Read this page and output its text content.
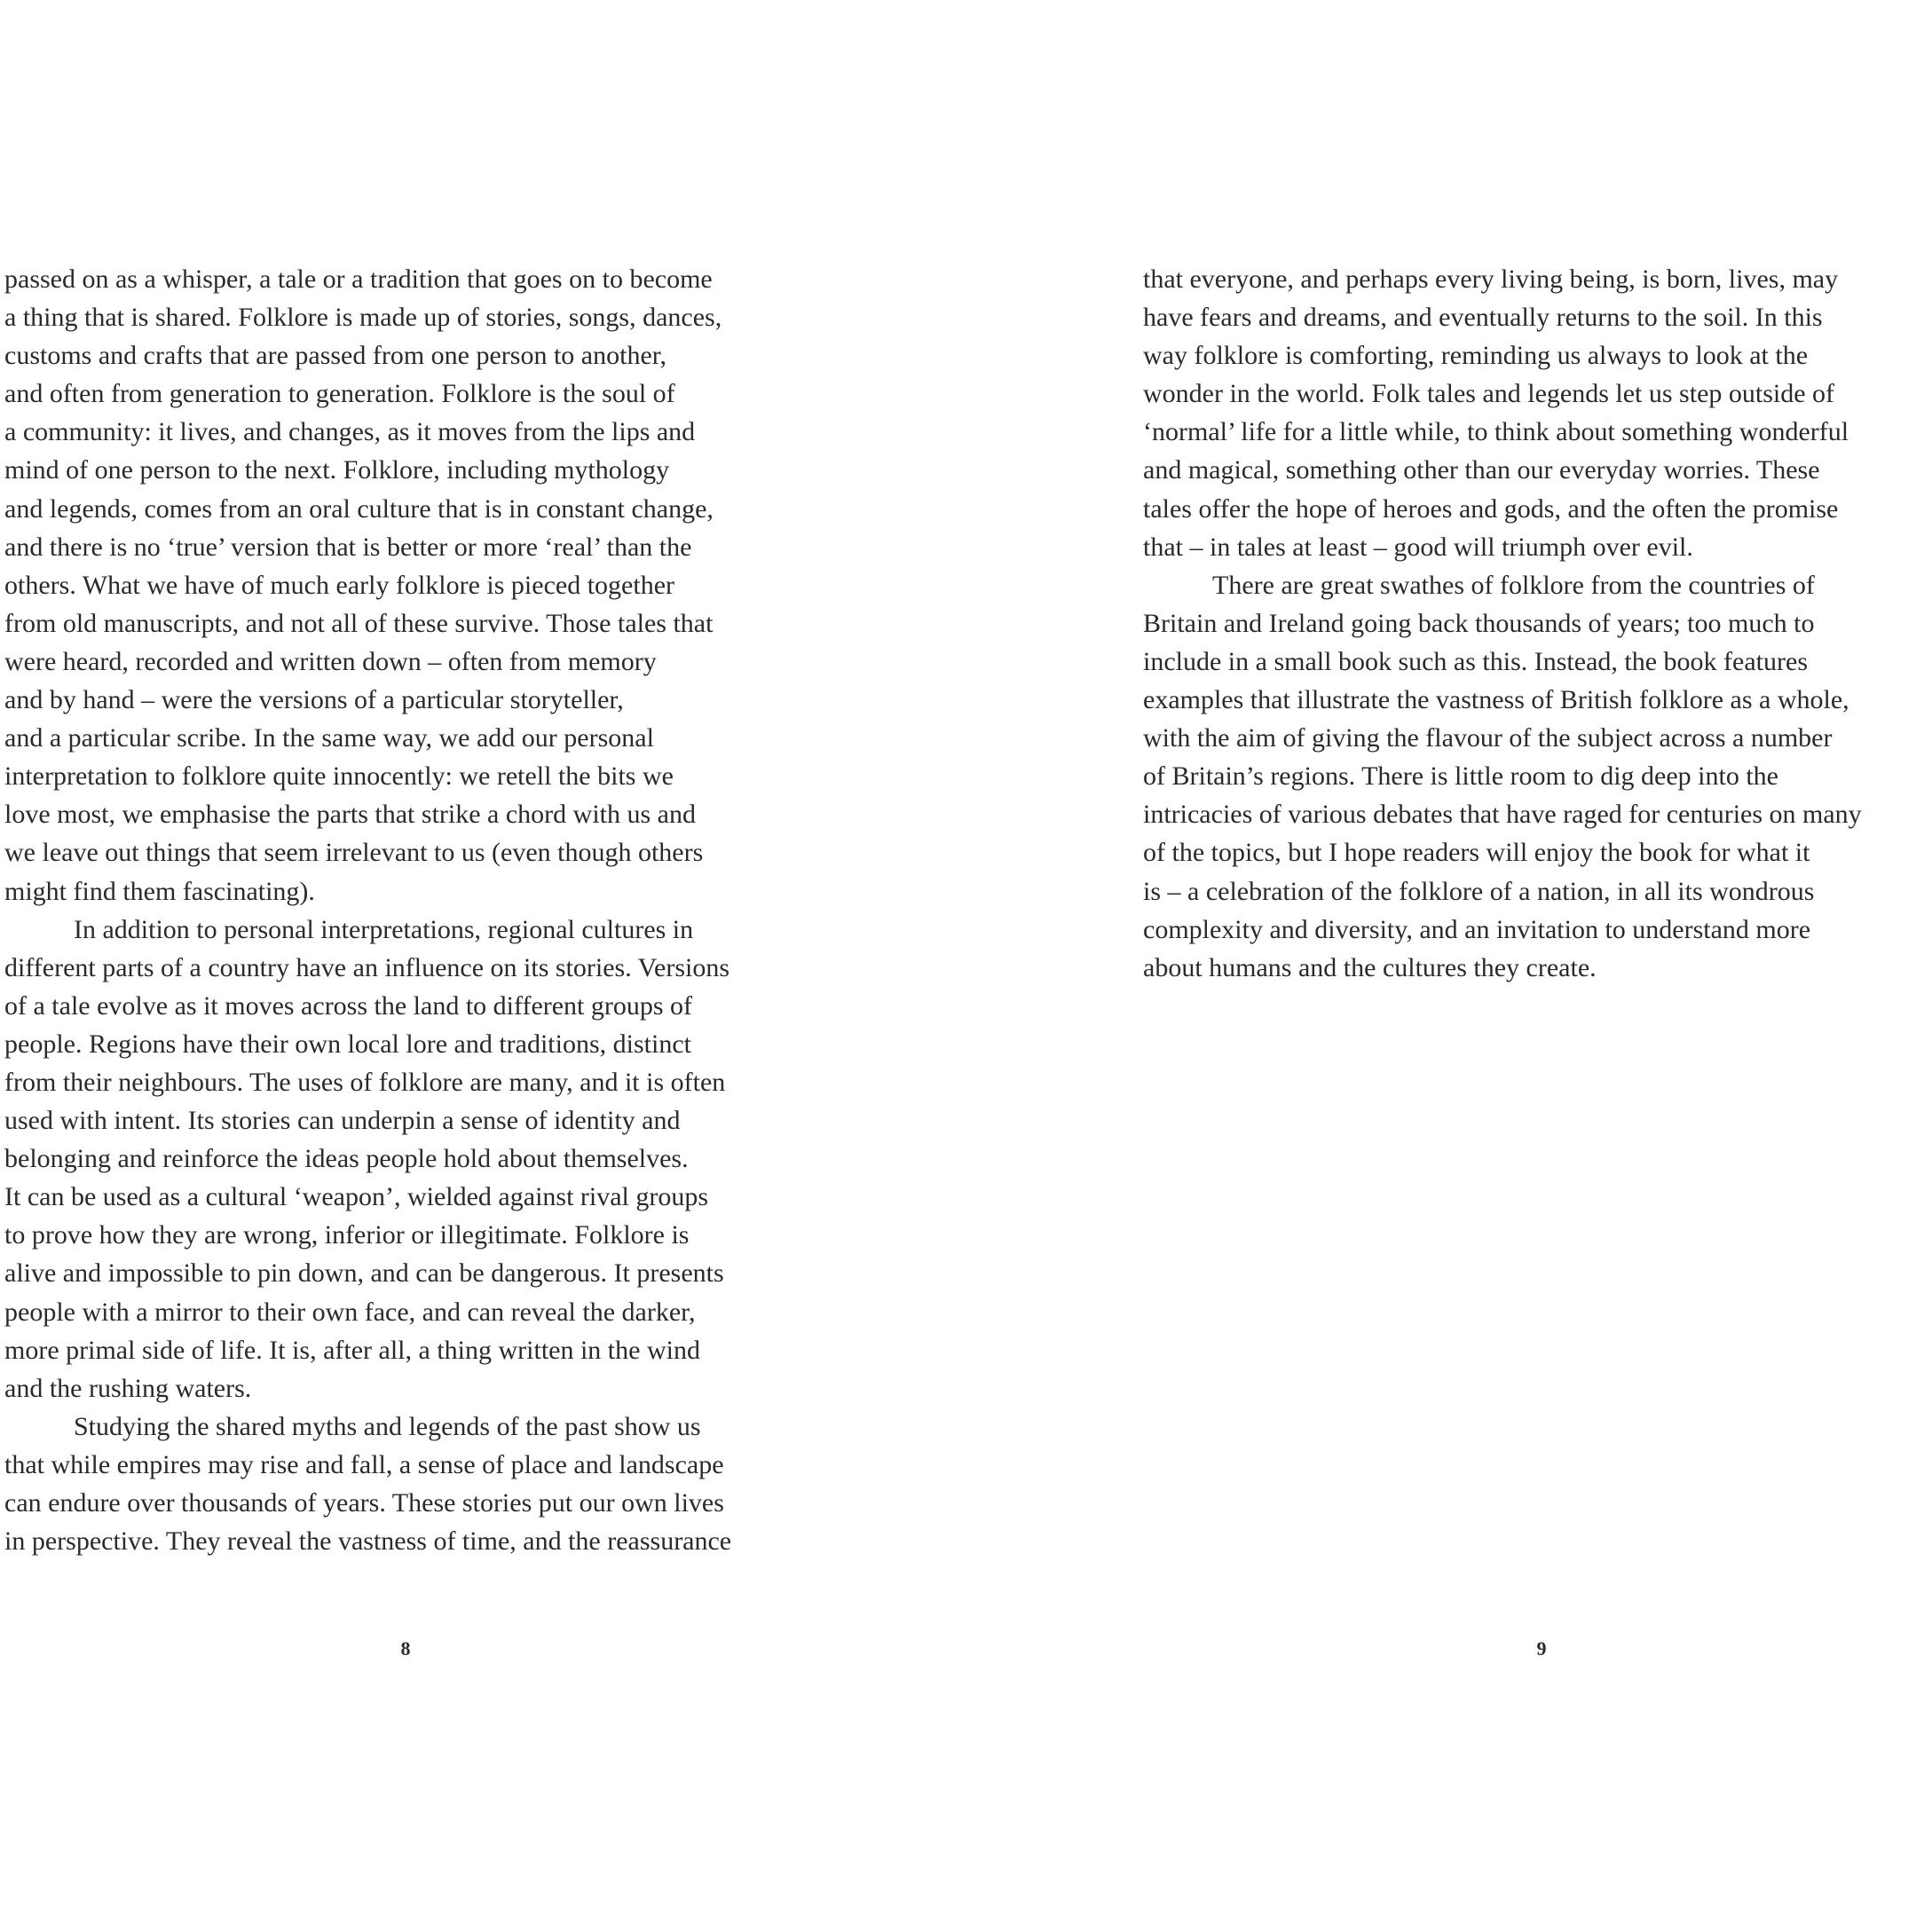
passed on as a whisper, a tale or a tradition that goes on to become
a thing that is shared. Folklore is made up of stories, songs, dances,
customs and crafts that are passed from one person to another,
and often from generation to generation. Folklore is the soul of
a community: it lives, and changes, as it moves from the lips and
mind of one person to the next. Folklore, including mythology
and legends, comes from an oral culture that is in constant change,
and there is no ‘true’ version that is better or more ‘real’ than the
others. What we have of much early folklore is pieced together
from old manuscripts, and not all of these survive. Those tales that
were heard, recorded and written down – often from memory
and by hand – were the versions of a particular storyteller,
and a particular scribe. In the same way, we add our personal
interpretation to folklore quite innocently: we retell the bits we
love most, we emphasise the parts that strike a chord with us and
we leave out things that seem irrelevant to us (even though others
might find them fascinating).
In addition to personal interpretations, regional cultures in
different parts of a country have an influence on its stories. Versions
of a tale evolve as it moves across the land to different groups of
people. Regions have their own local lore and traditions, distinct
from their neighbours. The uses of folklore are many, and it is often
used with intent. Its stories can underpin a sense of identity and
belonging and reinforce the ideas people hold about themselves.
It can be used as a cultural ‘weapon’, wielded against rival groups
to prove how they are wrong, inferior or illegitimate. Folklore is
alive and impossible to pin down, and can be dangerous. It presents
people with a mirror to their own face, and can reveal the darker,
more primal side of life. It is, after all, a thing written in the wind
and the rushing waters.
Studying the shared myths and legends of the past show us
that while empires may rise and fall, a sense of place and landscape
can endure over thousands of years. These stories put our own lives
in perspective. They reveal the vastness of time, and the reassurance
8
that everyone, and perhaps every living being, is born, lives, may
have fears and dreams, and eventually returns to the soil. In this
way folklore is comforting, reminding us always to look at the
wonder in the world. Folk tales and legends let us step outside of
‘normal’ life for a little while, to think about something wonderful
and magical, something other than our everyday worries. These
tales offer the hope of heroes and gods, and the often the promise
that – in tales at least – good will triumph over evil.
There are great swathes of folklore from the countries of
Britain and Ireland going back thousands of years; too much to
include in a small book such as this. Instead, the book features
examples that illustrate the vastness of British folklore as a whole,
with the aim of giving the flavour of the subject across a number
of Britain’s regions. There is little room to dig deep into the
intricacies of various debates that have raged for centuries on many
of the topics, but I hope readers will enjoy the book for what it
is – a celebration of the folklore of a nation, in all its wondrous
complexity and diversity, and an invitation to understand more
about humans and the cultures they create.
9
